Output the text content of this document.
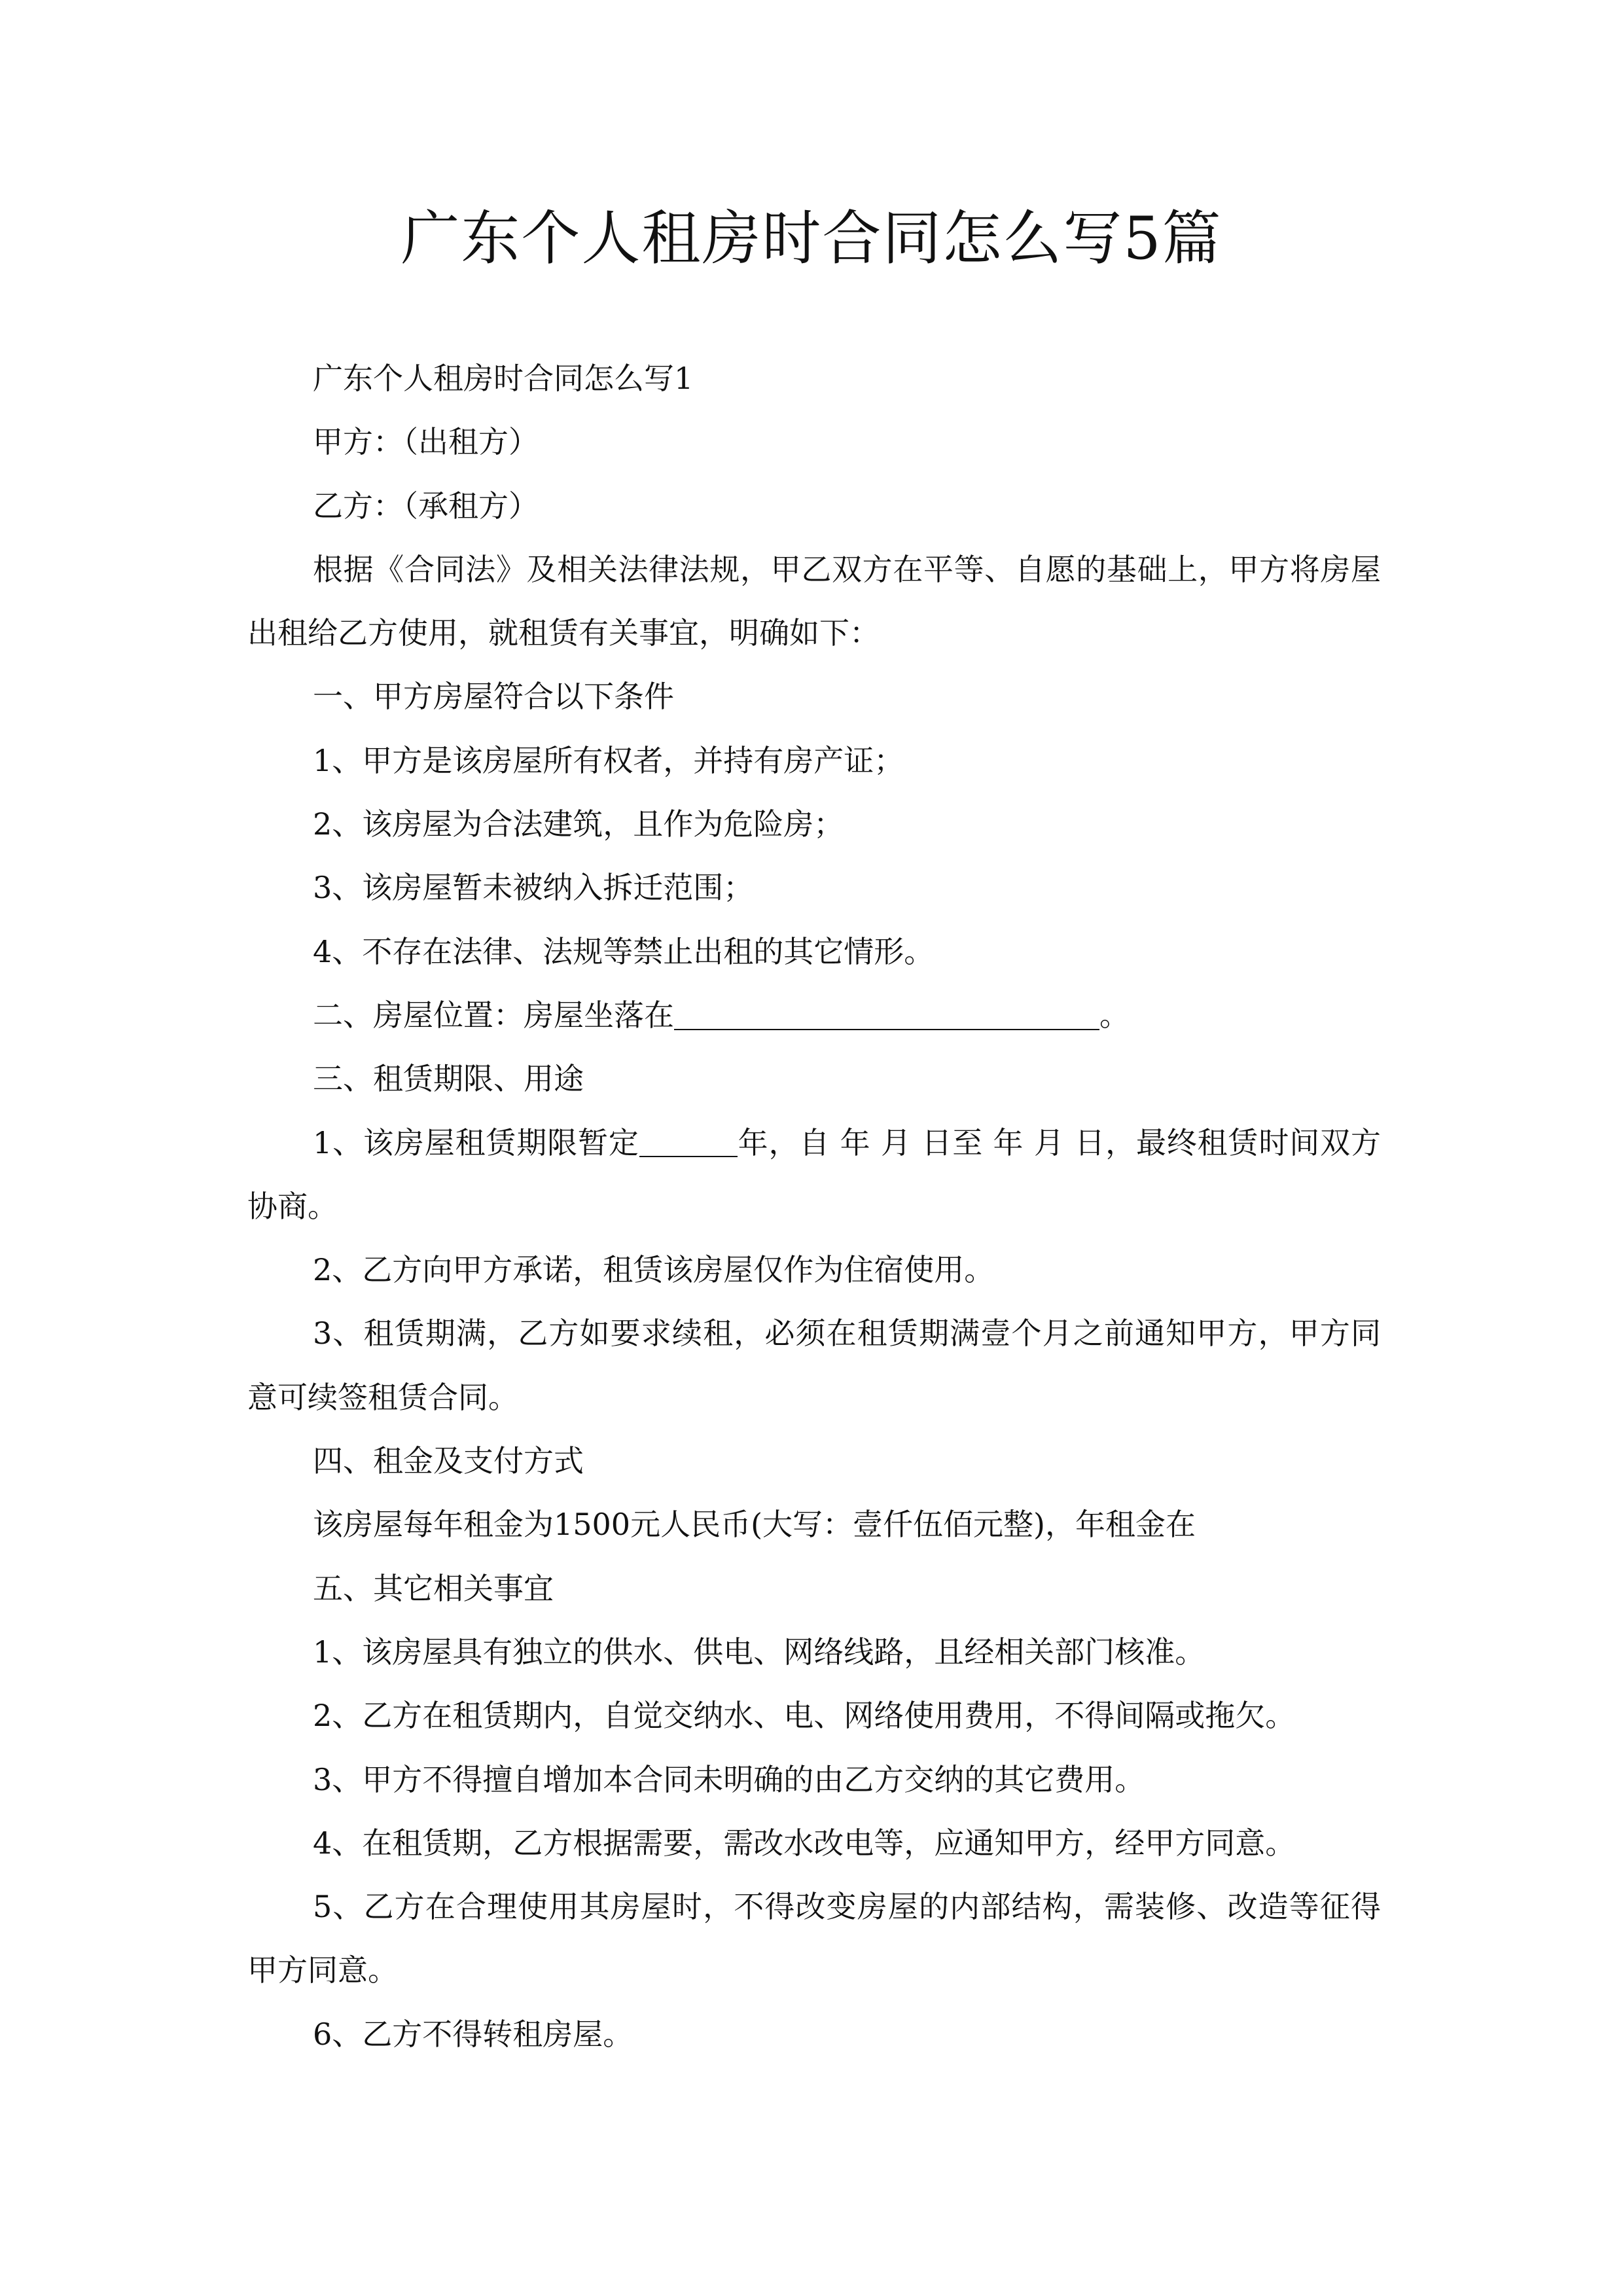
广东个人租房时合同怎么写5篇

广东个人租房时合同怎么写1

甲方：（出租方）

乙方：（承租方）

根据《合同法》及相关法律法规，甲乙双方在平等、自愿的基础上，甲方将房屋出租给乙方使用，就租赁有关事宜，明确如下：

一、甲方房屋符合以下条件

1、甲方是该房屋所有权者，并持有房产证；

2、该房屋为合法建筑，且作为危险房；

3、该房屋暂未被纳入拆迁范围；

4、不存在法律、法规等禁止出租的其它情形。

二、房屋位置：房屋坐落在	。

三、租赁期限、用途

1、该房屋租赁期限暂定	年，自 年 月 日至 年 月 日，最终租赁时间双方协商。

2、乙方向甲方承诺，租赁该房屋仅作为住宿使用。

3、租赁期满，乙方如要求续租，必须在租赁期满壹个月之前通知甲方，甲方同意可续签租赁合同。

四、租金及支付方式

该房屋每年租金为1500元人民币(大写：壹仟伍佰元整)，年租金在

五、其它相关事宜

1、该房屋具有独立的供水、供电、网络线路，且经相关部门核准。

2、乙方在租赁期内，自觉交纳水、电、网络使用费用，不得间隔或拖欠。

3、甲方不得擅自增加本合同未明确的由乙方交纳的其它费用。

4、在租赁期，乙方根据需要，需改水改电等，应通知甲方，经甲方同意。

5、乙方在合理使用其房屋时，不得改变房屋的内部结构，需装修、改造等征得甲方同意。

6、乙方不得转租房屋。
